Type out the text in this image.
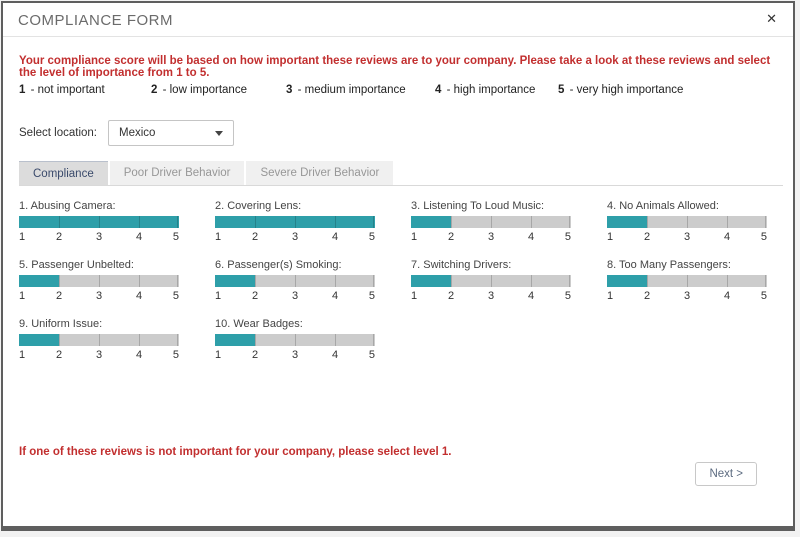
COMPLIANCE FORM	✕
Your compliance score will be based on how important these reviews are to your company. Please take a look at these reviews and select the level of importance from 1 to 5.
1 - not important	2 - low importance	3 - medium importance	4 - high importance 5 - very high importance
Select location: Mexico
Compliance	Poor Driver Behavior	Severe Driver Behavior
1. Abusing Camera:
1	2	3	4	5
2. Covering Lens:
1	2	3	4	5
3. Listening To Loud Music:
1	2	3	4	5
4. No Animals Allowed:
1	2	3	4	5
5. Passenger Unbelted:
1	2	3	4	5
6. Passenger(s) Smoking:
1	2	3	4	5
7. Switching Drivers:
1	2	3	4	5
8. Too Many Passengers:
1	2	3	4	5
9. Uniform Issue:
1	2	3	4	5
10. Wear Badges:
1	2	3	4	5
If one of these reviews is not important for your company, please select level 1.
Next >
